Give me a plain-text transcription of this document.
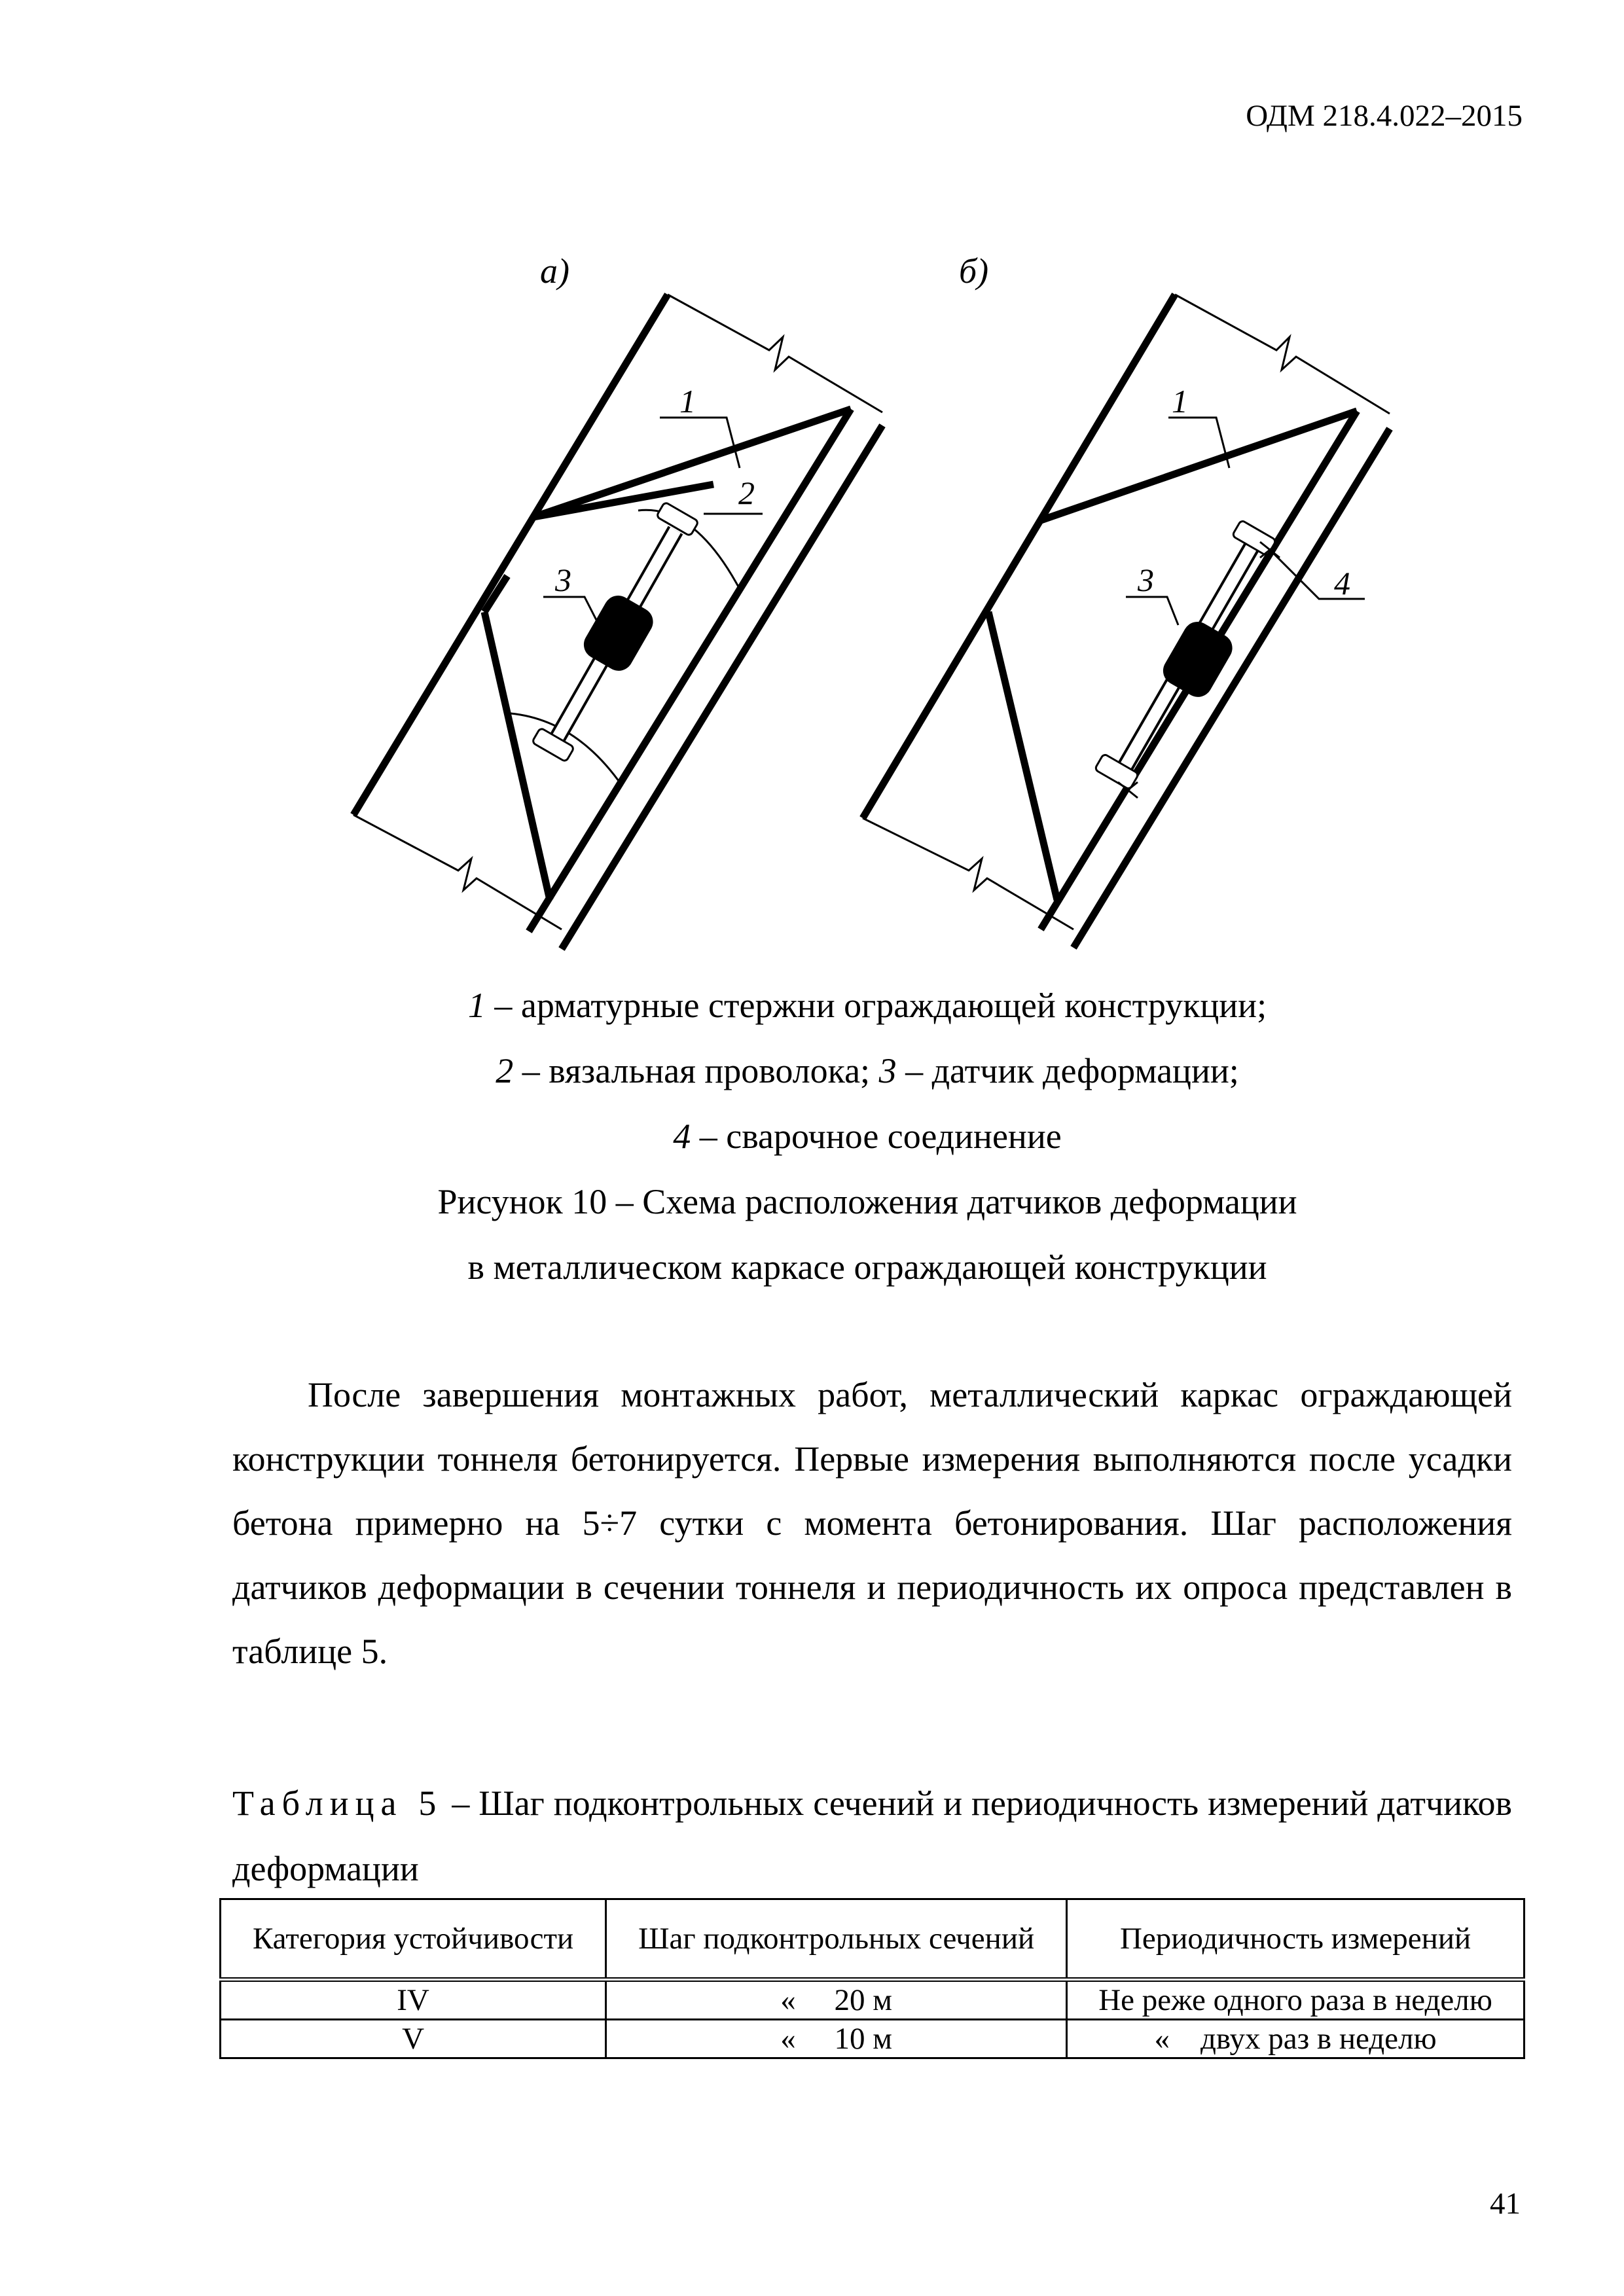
ОДМ 218.4.022–2015
а)
1
2
3
б)
1
3	4
1 – арматурные стержни ограждающей конструкции;
2 – вязальная проволока; 3 – датчик деформации;
4 – сварочное соединение
Рисунок 10 – Схема расположения датчиков деформации
в металлическом каркасе ограждающей конструкции
После завершения монтажных работ, металлический каркас ограждающей конструкции тоннеля бетонируется. Первые измерения выполняются после усадки бетона примерно на 5÷7 сутки с момента бетонирования. Шаг расположения датчиков деформации в сечении тоннеля и периодичность их опроса представлен в таблице 5.
Таблица 5 – Шаг подконтрольных сечений и периодичность измерений датчиков деформации
Категория устойчивости	Шаг подконтрольных сечений	Периодичность измерений
IV	« 20 м	Не реже одного раза в неделю
V	« 10 м	« двух раз в неделю
41
